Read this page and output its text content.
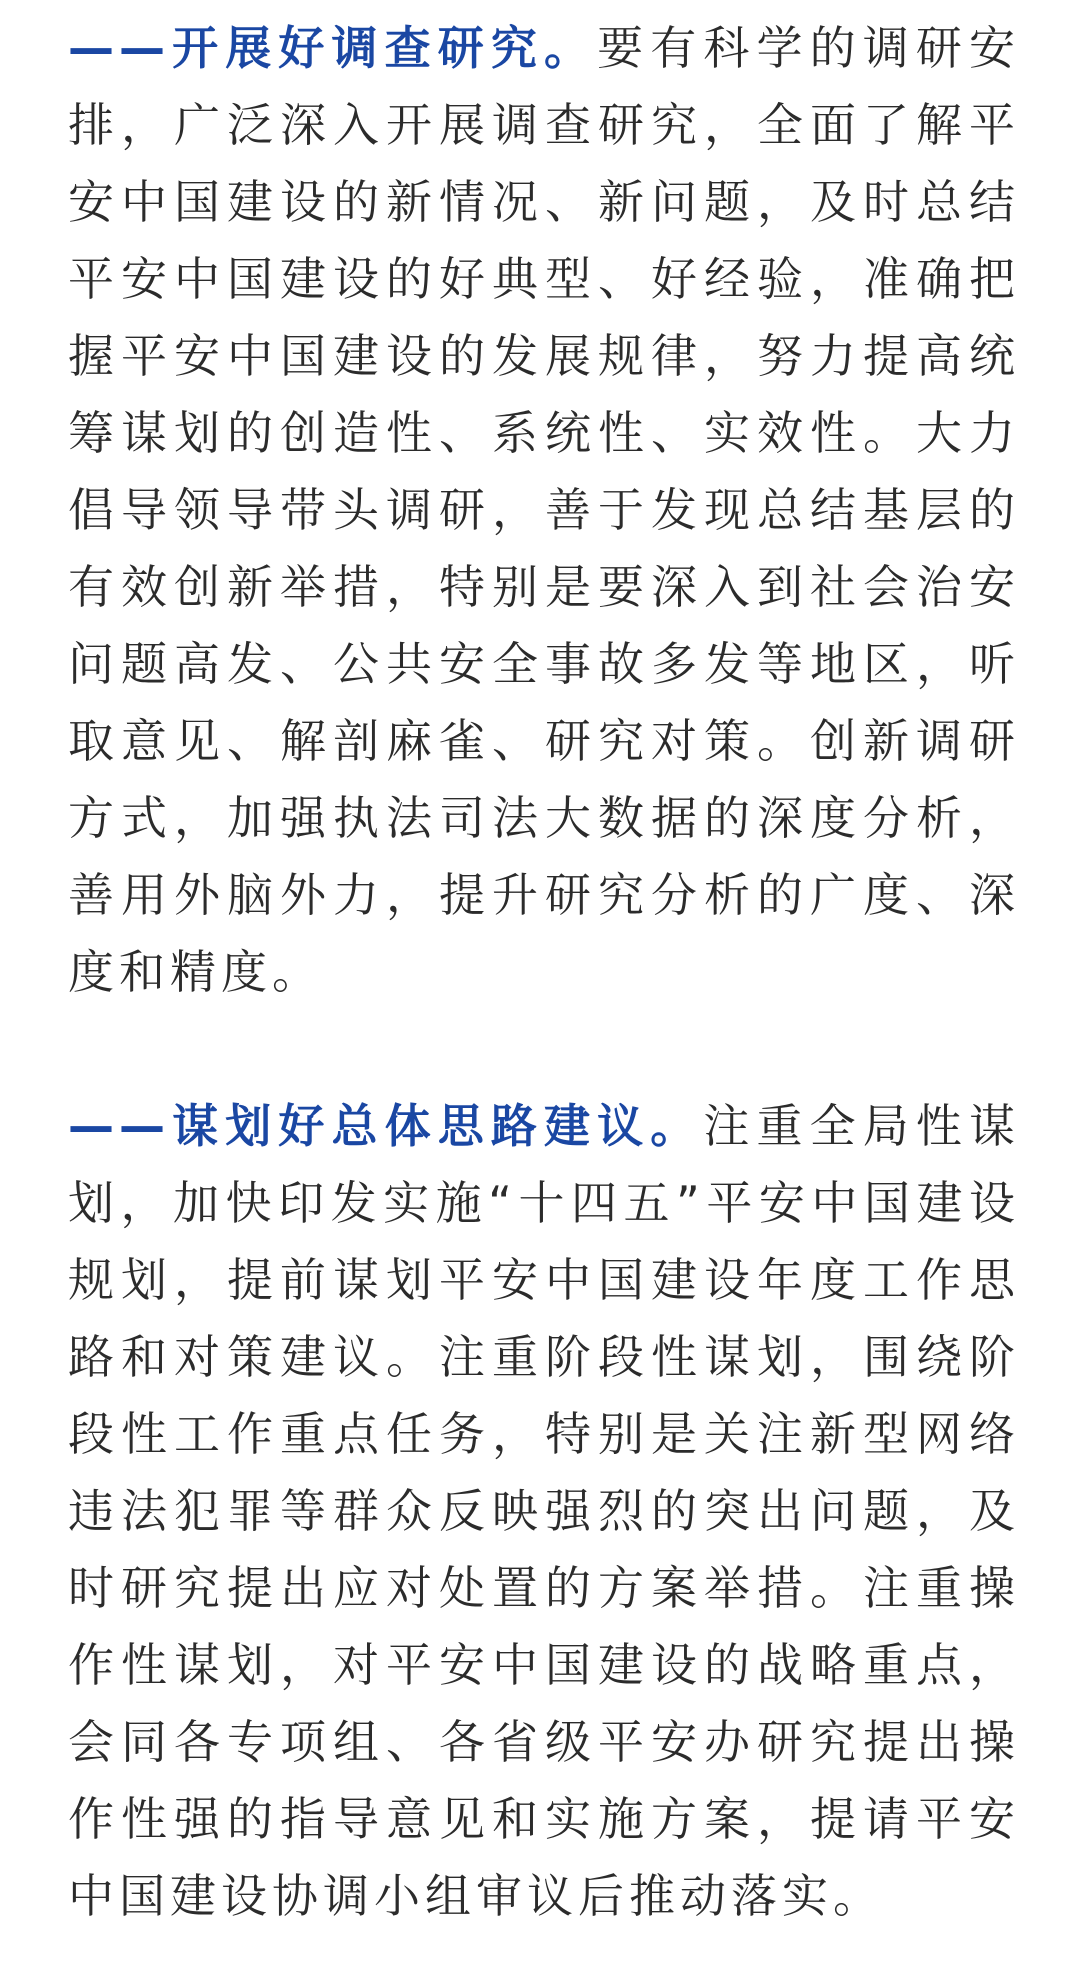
——开展好调查研究。要有科学的调研安排，广泛深入开展调查研究，全面了解平安中国建设的新情况、新问题，及时总结平安中国建设的好典型、好经验，准确把握平安中国建设的发展规律，努力提高统筹谋划的创造性、系统性、实效性。大力倡导领导带头调研，善于发现总结基层的有效创新举措，特别是要深入到社会治安问题高发、公共安全事故多发等地区，听取意见、解剖麻雀、研究对策。创新调研方式，加强执法司法大数据的深度分析，善用外脑外力，提升研究分析的广度、深度和精度。

——谋划好总体思路建议。注重全局性谋划，加快印发实施“十四五”平安中国建设规划，提前谋划平安中国建设年度工作思路和对策建议。注重阶段性谋划，围绕阶段性工作重点任务，特别是关注新型网络违法犯罪等群众反映强烈的突出问题，及时研究提出应对处置的方案举措。注重操作性谋划，对平安中国建设的战略重点，会同各专项组、各省级平安办研究提出操作性强的指导意见和实施方案，提请平安中国建设协调小组审议后推动落实。
